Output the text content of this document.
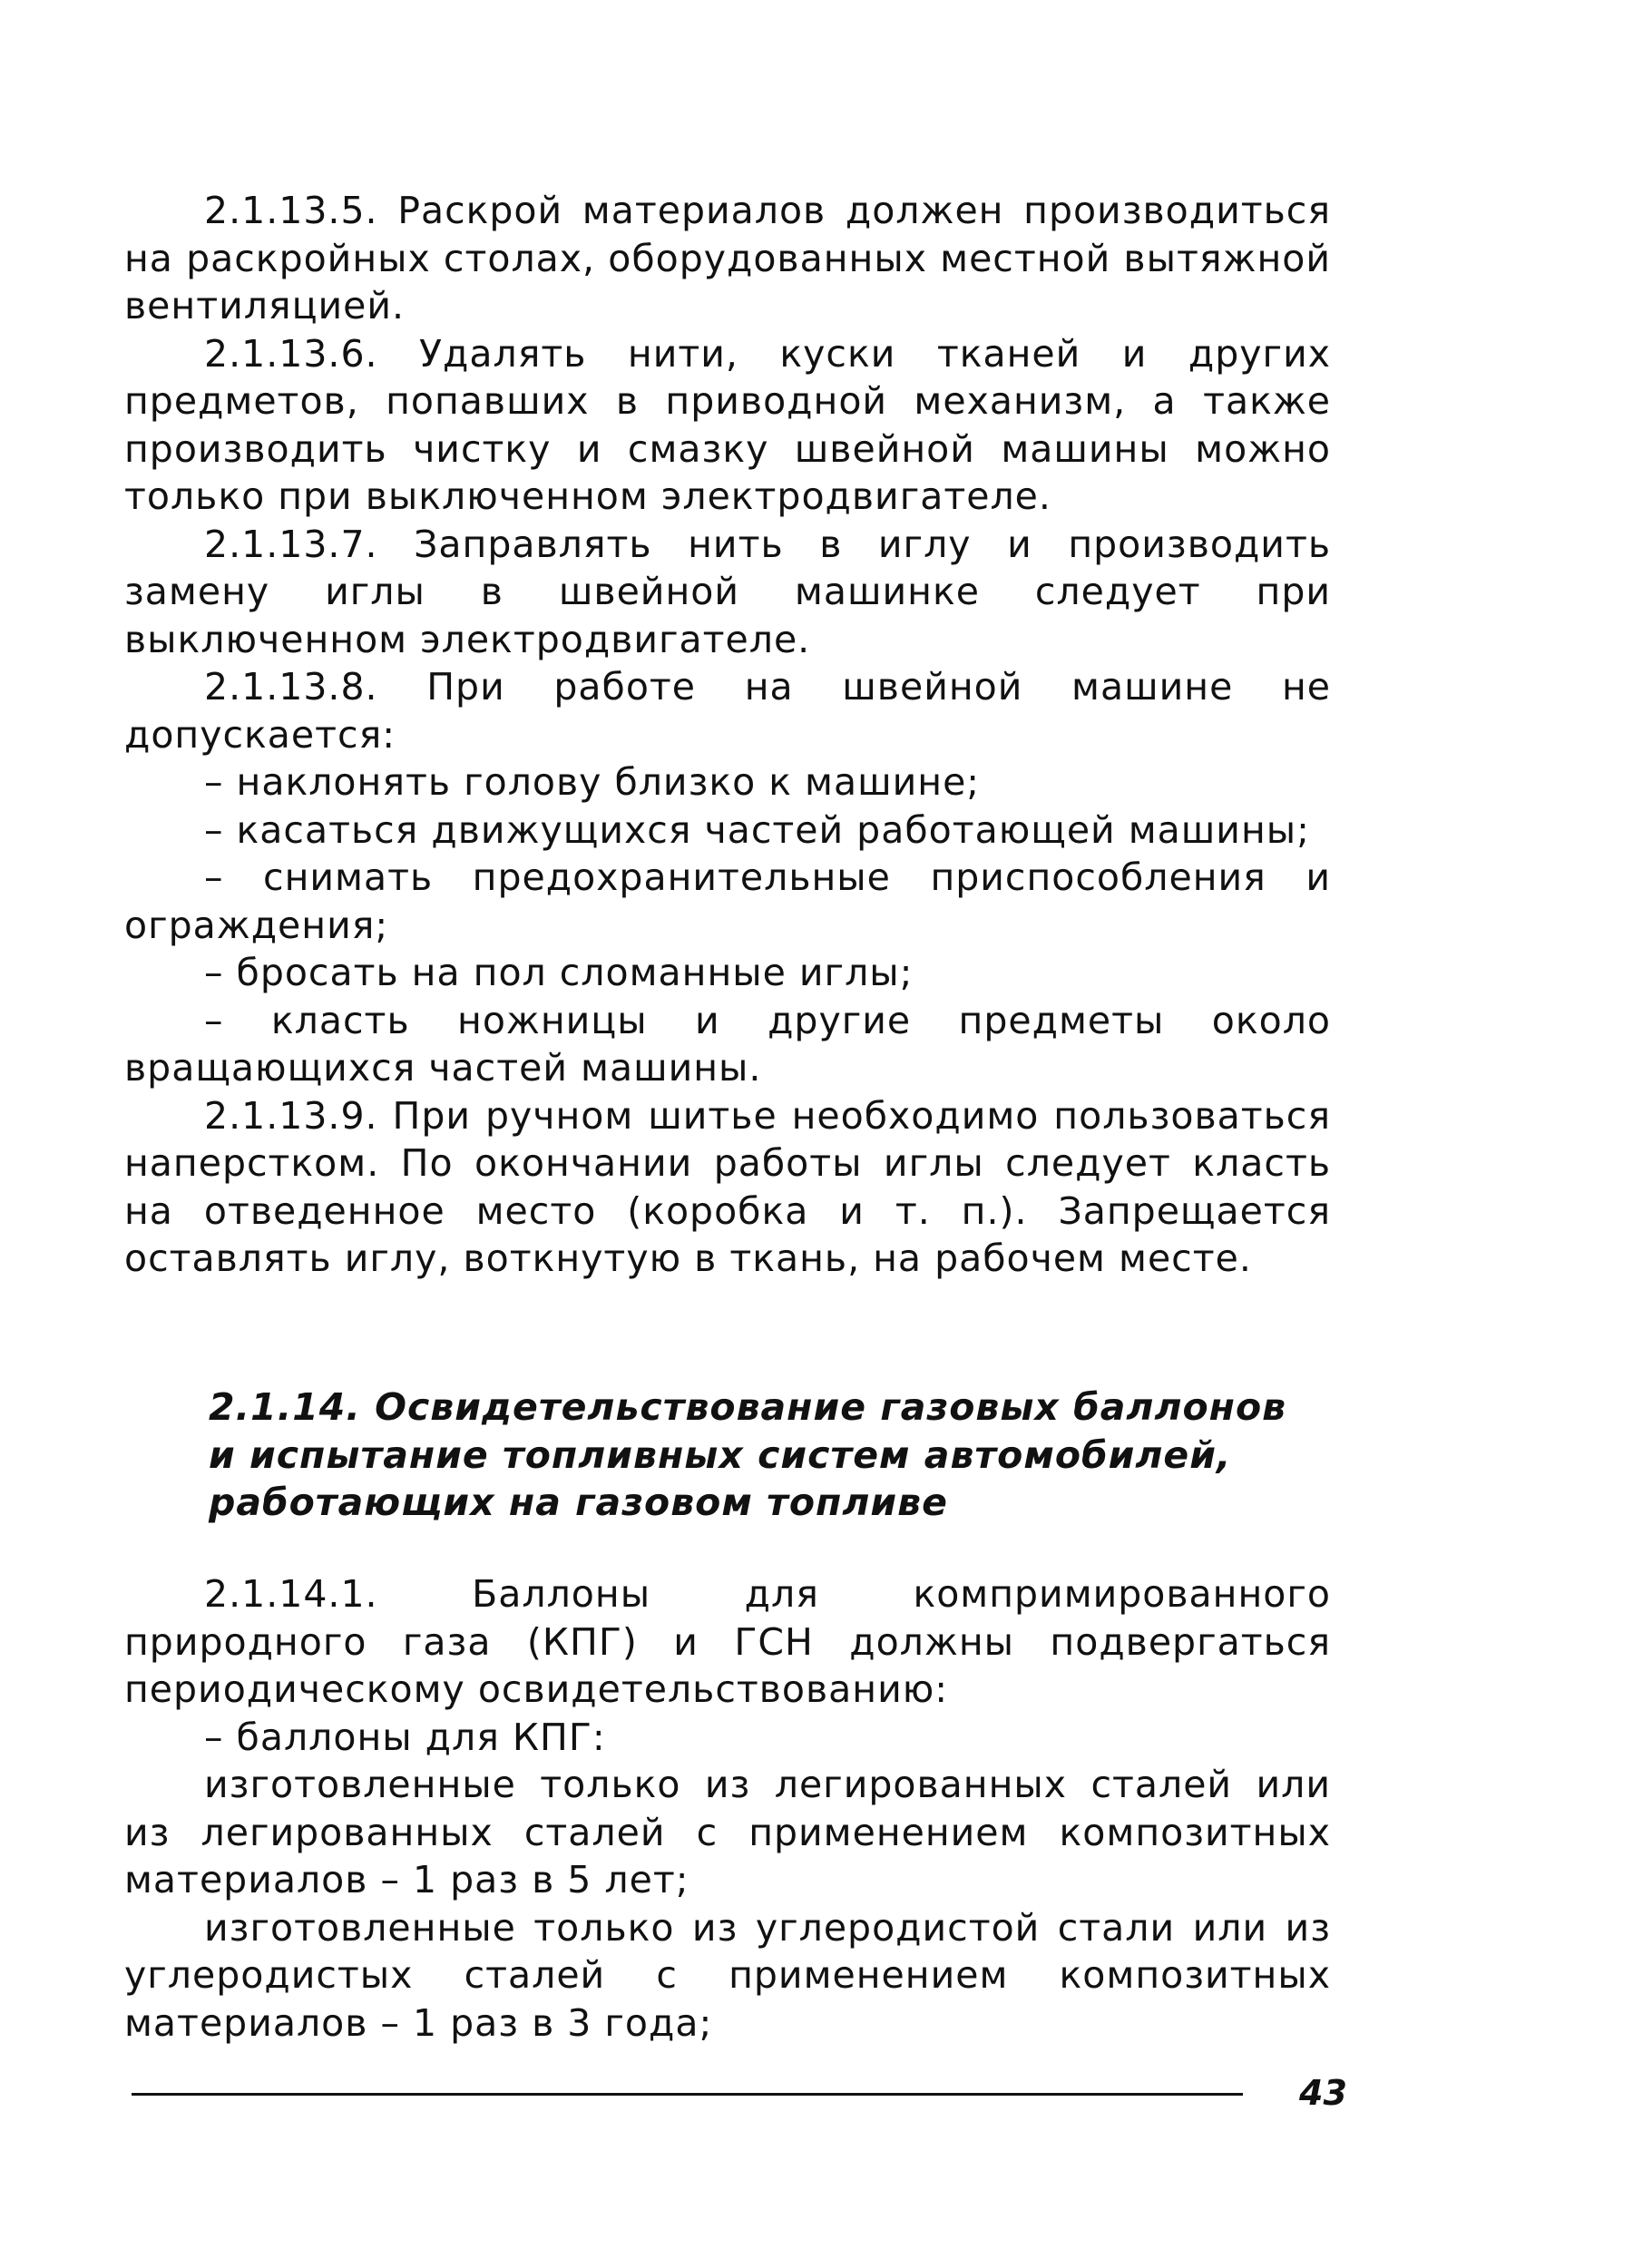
2.1.13.5. Раскрой материалов должен производиться на раскройных столах, оборудованных местной вытяжной вентиляцией.

2.1.13.6. Удалять нити, куски тканей и других предметов, попавших в приводной механизм, а также производить чистку и смазку швейной машины можно только при выключенном электродвигателе.

2.1.13.7. Заправлять нить в иглу и производить замену иглы в швейной машинке следует при выключенном электродвигателе.

2.1.13.8. При работе на швейной машине не допускается:

– наклонять голову близко к машине;

– касаться движущихся частей работающей машины;

– снимать предохранительные приспособления и ограждения;

– бросать на пол сломанные иглы;

– класть ножницы и другие предметы около вращающихся частей машины.

2.1.13.9. При ручном шитье необходимо пользоваться наперстком. По окончании работы иглы следует класть на отведенное место (коробка и т. п.). Запрещается оставлять иглу, воткнутую в ткань, на рабочем месте.

2.1.14. Освидетельствование газовых баллонов
и испытание топливных систем автомобилей,
работающих на газовом топливе

2.1.14.1. Баллоны для компримированного природного газа (КПГ) и ГСН должны подвергаться периодическому освидетельствованию:

– баллоны для КПГ:

изготовленные только из легированных сталей или из легированных сталей с применением композитных материалов – 1 раз в 5 лет;

изготовленные только из углеродистой стали или из углеродистых сталей с применением композитных материалов – 1 раз в 3 года;

43
